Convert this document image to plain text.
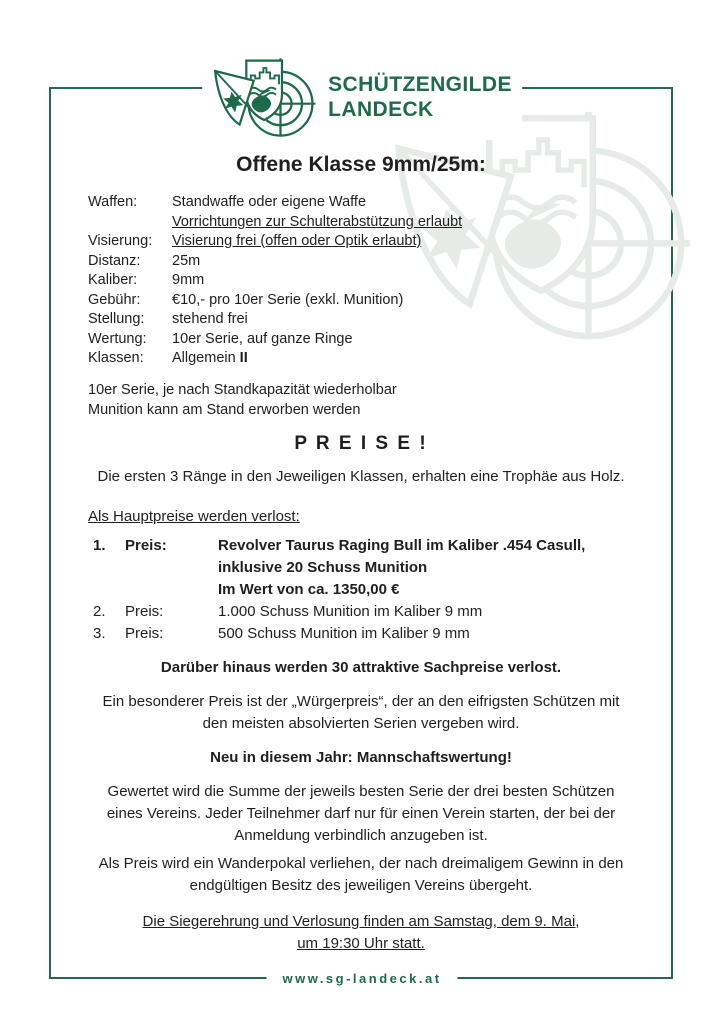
SCHÜTZENGILDE
LANDECK
Offene Klasse 9mm/25m:
Waffen:	Standwaffe oder eigene Waffe
Vorrichtungen zur Schulterabstützung erlaubt
Visierung:	Visierung frei (offen oder Optik erlaubt)
Distanz:	25m
Kaliber:	9mm
Gebühr:	€10,- pro 10er Serie (exkl. Munition)
Stellung:	stehend frei
Wertung:	10er Serie, auf ganze Ringe
Klassen:	Allgemein II
10er Serie, je nach Standkapazität wiederholbar
Munition kann am Stand erworben werden
P R E I S E !
Die ersten 3 Ränge in den Jeweiligen Klassen, erhalten eine Trophäe aus Holz.
Als Hauptpreise werden verlost:
1.	Preis:	Revolver Taurus Raging Bull im Kaliber .454 Casull,
inklusive 20 Schuss Munition
Im Wert von ca. 1350,00 €
2.	Preis:	1.000 Schuss Munition im Kaliber 9 mm
3.	Preis:	500 Schuss Munition im Kaliber 9 mm
Darüber hinaus werden 30 attraktive Sachpreise verlost.
Ein besonderer Preis ist der „Würgerpreis“, der an den eifrigsten Schützen mit
den meisten absolvierten Serien vergeben wird.
Neu in diesem Jahr: Mannschaftswertung!
Gewertet wird die Summe der jeweils besten Serie der drei besten Schützen
eines Vereins. Jeder Teilnehmer darf nur für einen Verein starten, der bei der
Anmeldung verbindlich anzugeben ist.
Als Preis wird ein Wanderpokal verliehen, der nach dreimaligem Gewinn in den
endgültigen Besitz des jeweiligen Vereins übergeht.
Die Siegerehrung und Verlosung finden am Samstag, dem 9. Mai,
um 19:30 Uhr statt.
www.sg-landeck.at
